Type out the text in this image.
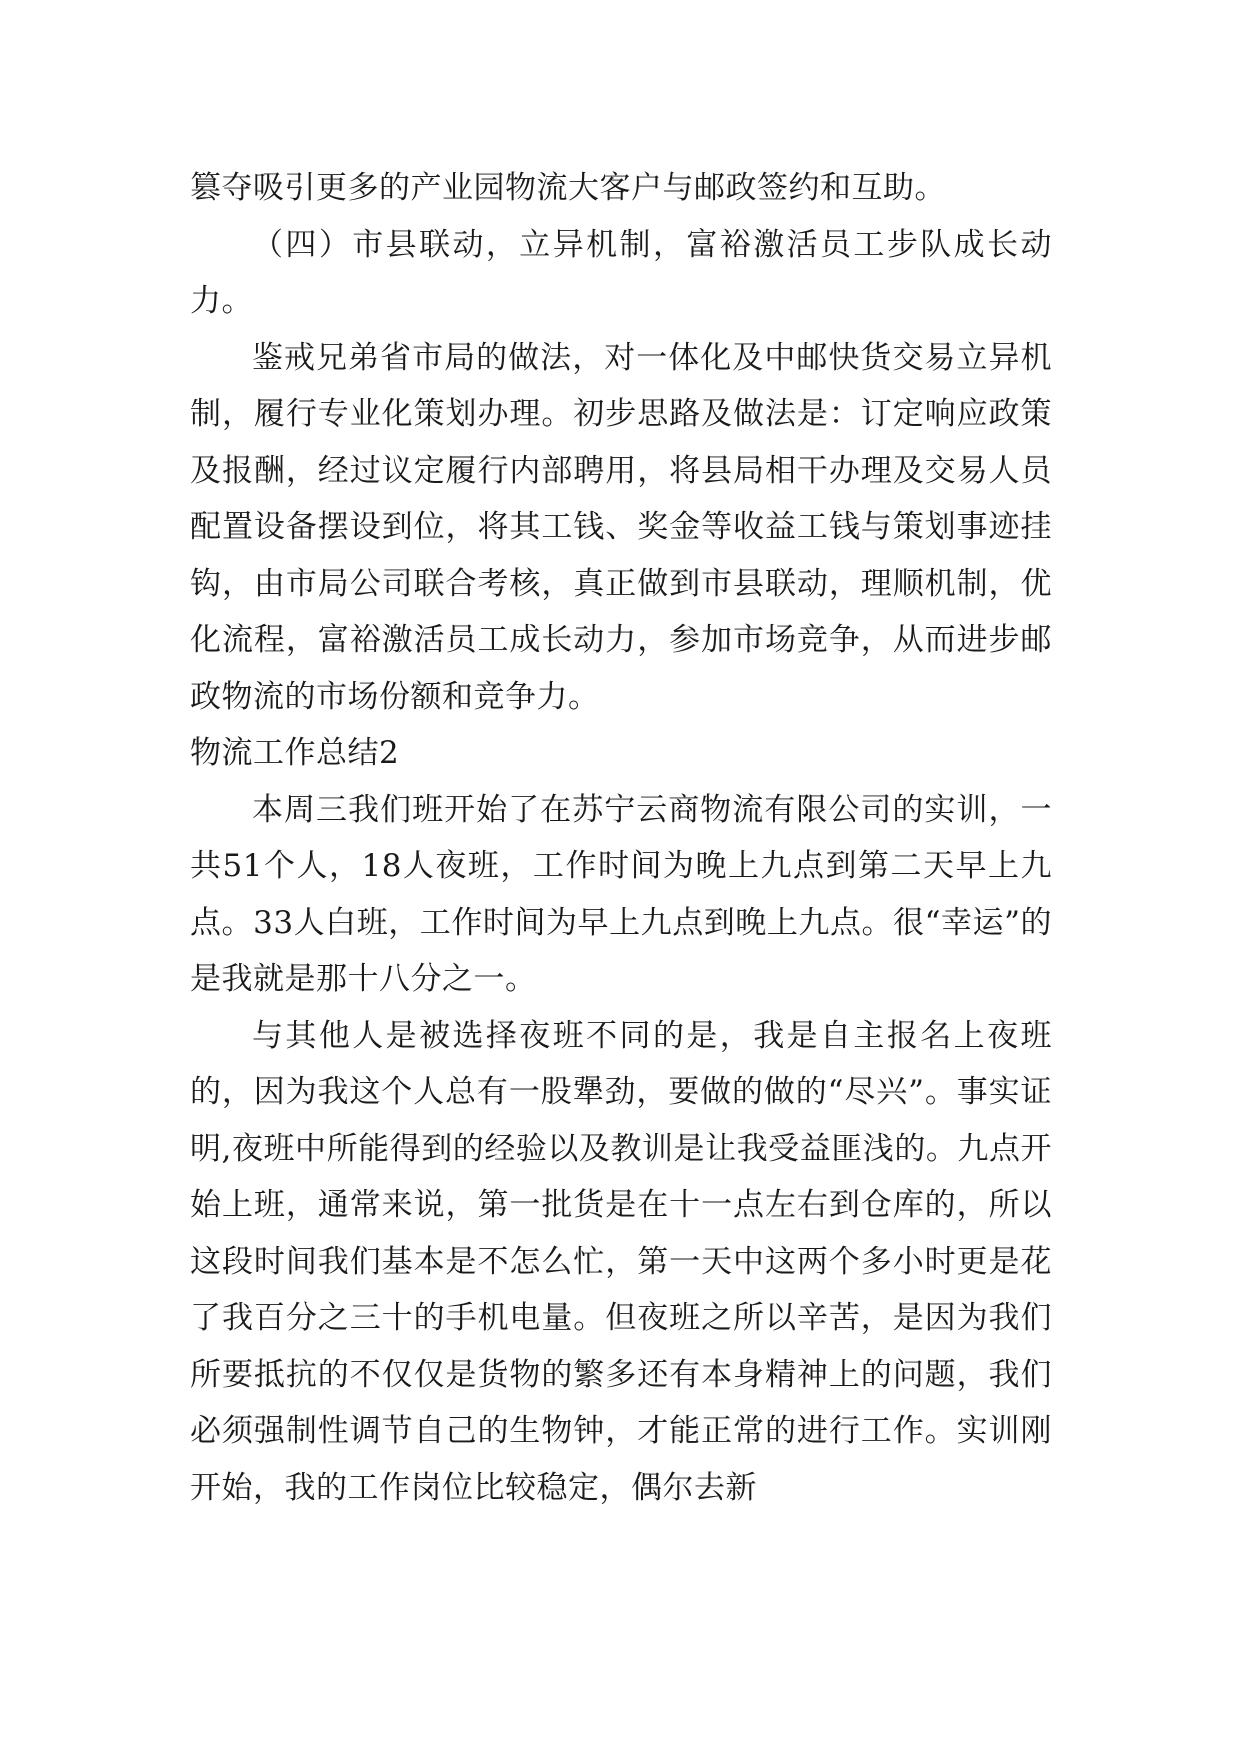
篡夺吸引更多的产业园物流大客户与邮政签约和互助。

（四）市县联动，立异机制，富裕激活员工步队成长动力。

鉴戒兄弟省市局的做法，对一体化及中邮快货交易立异机制，履行专业化策划办理。初步思路及做法是：订定响应政策及报酬，经过议定履行内部聘用，将县局相干办理及交易人员配置设备摆设到位，将其工钱、奖金等收益工钱与策划事迹挂钩，由市局公司联合考核，真正做到市县联动，理顺机制，优化流程，富裕激活员工成长动力，参加市场竞争，从而进步邮政物流的市场份额和竞争力。

物流工作总结2

本周三我们班开始了在苏宁云商物流有限公司的实训，一共51个人，18人夜班，工作时间为晚上九点到第二天早上九点。33人白班，工作时间为早上九点到晚上九点。很“幸运”的是我就是那十八分之一。

与其他人是被选择夜班不同的是，我是自主报名上夜班的，因为我这个人总有一股犟劲，要做的做的“尽兴”。事实证明,夜班中所能得到的经验以及教训是让我受益匪浅的。九点开始上班，通常来说，第一批货是在十一点左右到仓库的，所以这段时间我们基本是不怎么忙，第一天中这两个多小时更是花了我百分之三十的手机电量。但夜班之所以辛苦，是因为我们所要抵抗的不仅仅是货物的繁多还有本身精神上的问题，我们必须强制性调节自己的生物钟，才能正常的进行工作。实训刚开始，我的工作岗位比较稳定，偶尔去新
